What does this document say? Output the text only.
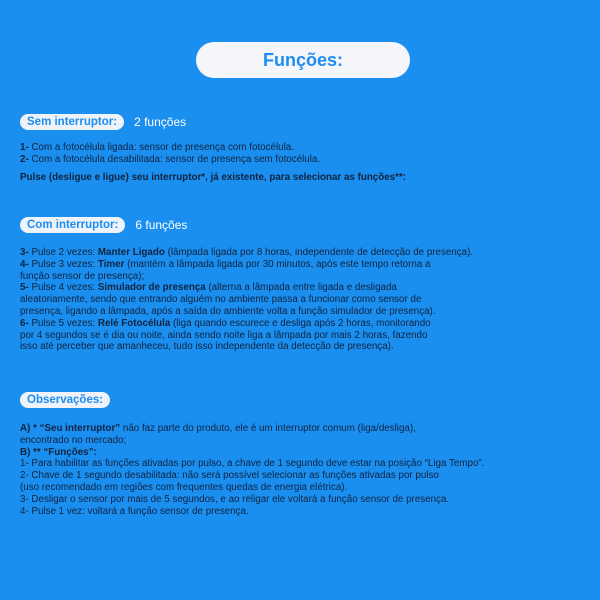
Funções:
Sem interruptor:	2 funções

1- Com a fotocélula ligada: sensor de presença com fotocélula.

2- Com a fotocélula desabilitada: sensor de presença sem fotocélula.

Pulse (desligue e ligue) seu interruptor*, já existente, para selecionar as funções**:

Com interruptor:	6 funções

3- Pulse 2 vezes: Manter Ligado (lâmpada ligada por 8 horas, independente de detecção de presença).

4- Pulse 3 vezes: Timer (mantém a lâmpada ligada por 30 minutos, após este tempo retorna a

função sensor de presença);

5- Pulse 4 vezes: Simulador de presença (alterna a lâmpada entre ligada e desligada

aleatoriamente, sendo que entrando alguém no ambiente passa a funcionar como sensor de

presença, ligando a lâmpada, após a saída do ambiente volta a função simulador de presença).

6- Pulse 5 vezes: Relé Fotocélula (liga quando escurece e desliga após 2 horas, monitorando

por 4 segundos se é dia ou noite, ainda sendo noite liga a lâmpada por mais 2 horas, fazendo

isso até perceber que amanheceu, tudo isso independente da detecção de presença).

Observações:

A) * “Seu interruptor” não faz parte do produto, ele é um interruptor comum (liga/desliga),

encontrado no mercado;

B) ** “Funções”:

1- Para habilitar as funções ativadas por pulso, a chave de 1 segundo deve estar na posição “Liga Tempo”.

2- Chave de 1 segundo desabilitada: não será possível selecionar as funções ativadas por pulso

(uso recomendado em regiões com frequentes quedas de energia elétrica).

3- Desligar o sensor por mais de 5 segundos, e ao religar ele voltará a função sensor de presença.

4- Pulse 1 vez: voltará a função sensor de presença.
